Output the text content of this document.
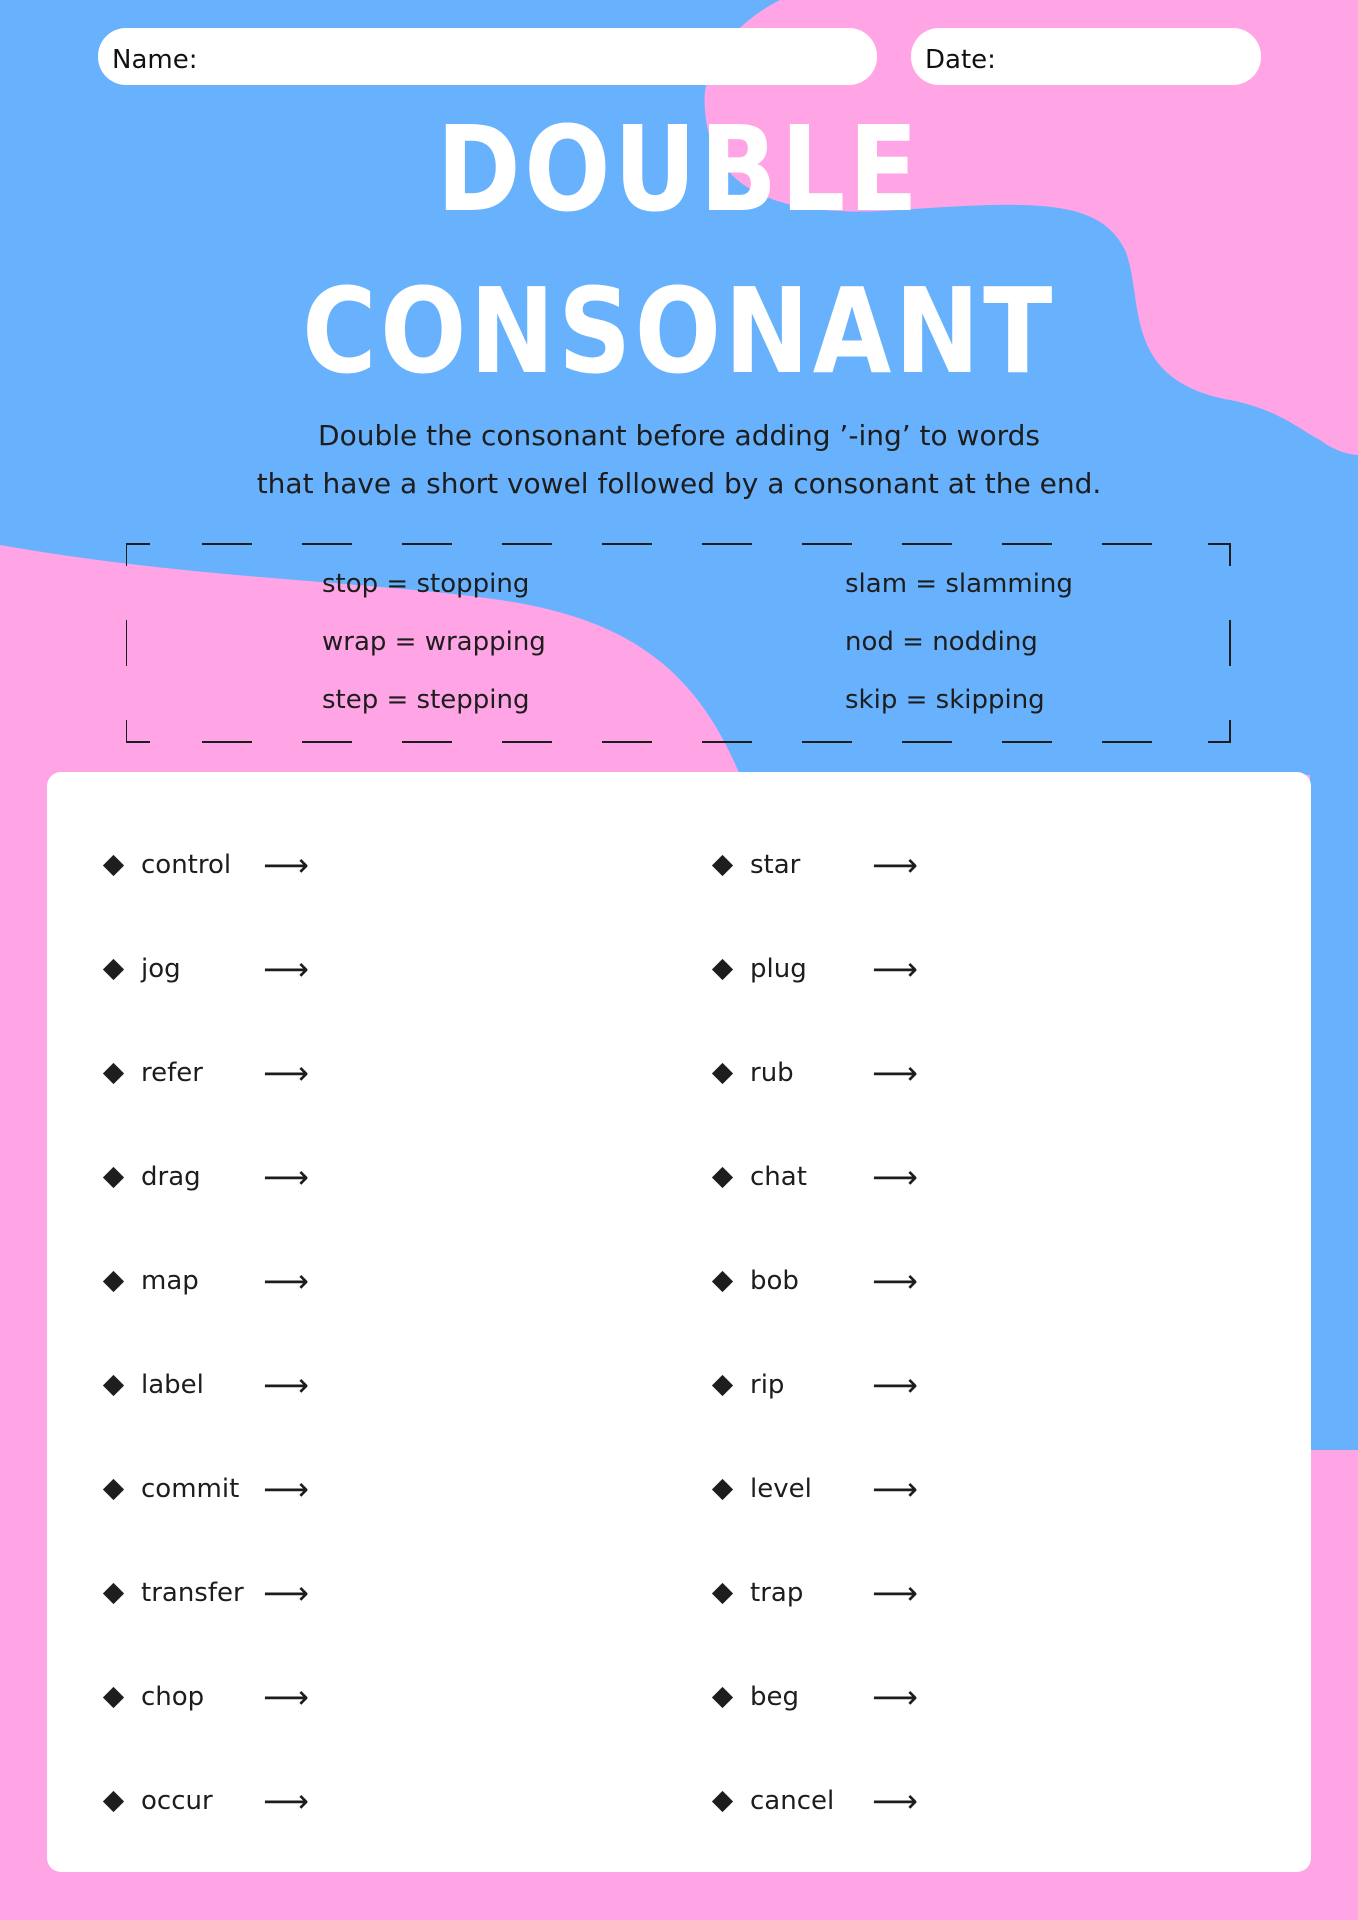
Name:	Date:
DOUBLE
CONSONANT
Double the consonant before adding ’-ing’ to words
that have a short vowel followed by a consonant at the end.
stop = stopping	slam = slamming
wrap = wrapping	nod = nodding
step = stepping	skip = skipping
control ⟶
jog	⟶
refer	⟶
drag	⟶
map	⟶
label	⟶
commit ⟶
transfer ⟶
chop	⟶
occur	⟶
star	⟶
plug	⟶
rub	⟶
chat	⟶
bob	⟶
rip	⟶
level	⟶
trap	⟶
beg	⟶
cancel	⟶
